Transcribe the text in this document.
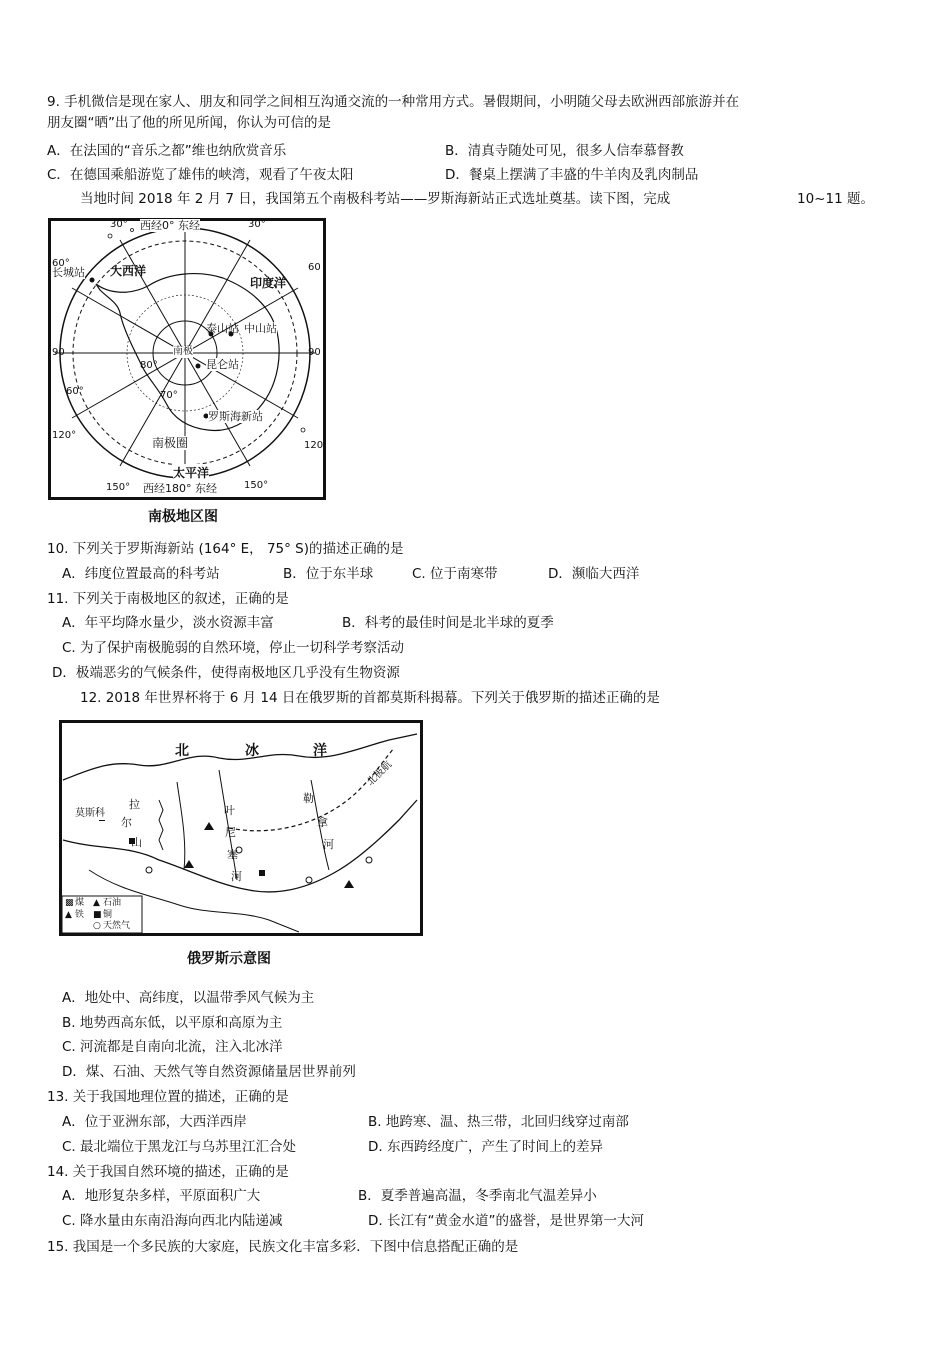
9. 手机微信是现在家人、朋友和同学之间相互沟通交流的一种常用方式。暑假期间，小明随父母去欧洲西部旅游并在
朋友圈“晒”出了他的所见所闻，你认为可信的是
A．在法国的“音乐之都”维也纳欣赏音乐	B．清真寺随处可见，很多人信奉慕督教
C．在德国乘船游览了雄伟的峡湾，观看了午夜太阳	D．餐桌上摆满了丰盛的牛羊肉及乳肉制品
当地时间 2018 年 2 月 7 日，我国第五个南极科考站——罗斯海新站正式选址奠基。读下图，完成	10~11 题。
西经0° 东经
西经180° 东经
大西洋
印度洋
太平洋
南极
南极圈
长城站
泰山站 中山站
昆仑站
罗斯海新站
30°	30°
60°	60
60°
90	90
120°
120
150°	150°
80°
70°
南极地区图
10. 下列关于罗斯海新站 (164° E， 75° S)的描述正确的是
A．纬度位置最高的科考站	B．位于东半球	C. 位于南寒带	D．濒临大西洋
11. 下列关于南极地区的叙述，正确的是
A．年平均降水量少，淡水资源丰富	B．科考的最佳时间是北半球的夏季
C. 为了保护南极脆弱的自然环境，停止一切科学考察活动
D．极端恶劣的气候条件，使得南极地区几乎没有生物资源
12. 2018 年世界杯将于 6 月 14 日在俄罗斯的首都莫斯科揭幕。下列关于俄罗斯的描述正确的是
北	冰	洋
北极航
莫斯科
拉
尔
山
叶
尼
塞
河
勒
拿
河
▩ 煤 ▲ 石油
▲ 铁 ■ 铜
○ 天然气
俄罗斯示意图
A．地处中、高纬度，以温带季风气候为主
B. 地势西高东低，以平原和高原为主
C. 河流都是自南向北流，注入北冰洋
D．煤、石油、天然气等自然资源储量居世界前列
13. 关于我国地理位置的描述，正确的是
A．位于亚洲东部，大西洋西岸	B. 地跨寒、温、热三带，北回归线穿过南部
C. 最北端位于黑龙江与乌苏里江汇合处	D. 东西跨经度广，产生了时间上的差异
14. 关于我国自然环境的描述，正确的是
A．地形复杂多样，平原面积广大	B．夏季普遍高温，冬季南北气温差异小
C. 降水量由东南沿海向西北内陆递减	D. 长江有“黄金水道”的盛誉，是世界第一大河
15. 我国是一个多民族的大家庭，民族文化丰富多彩．下图中信息搭配正确的是
